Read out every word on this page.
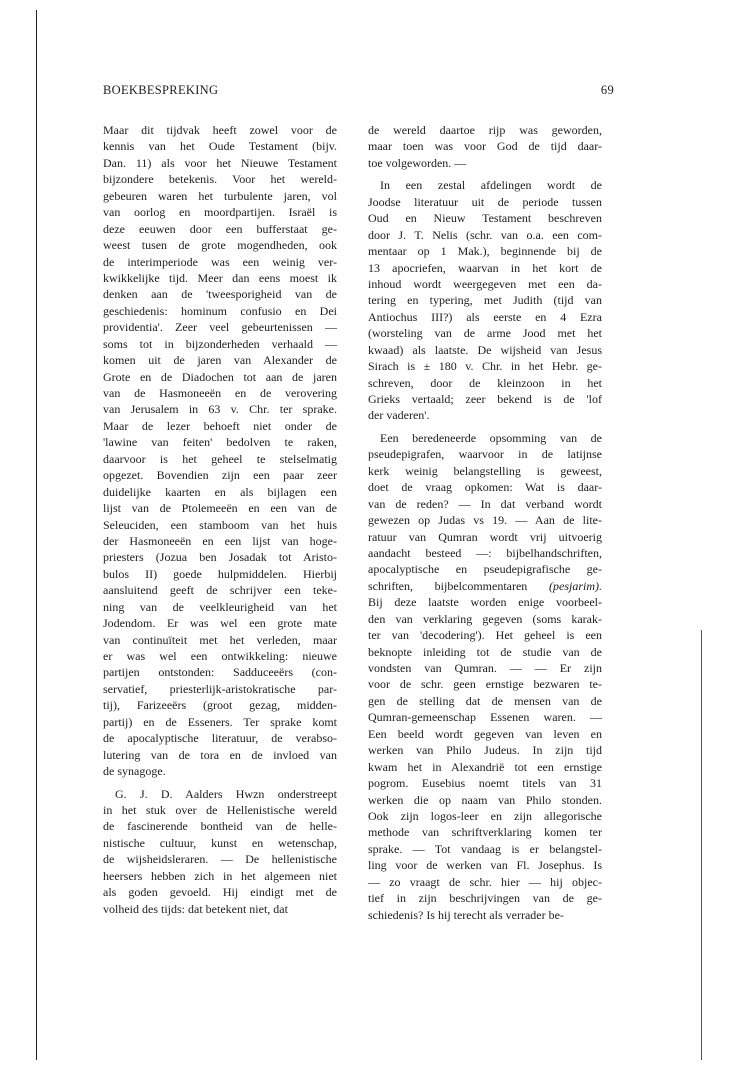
BOEKBESPREKING	69
Maar dit tijdvak heeft zowel voor de
kennis van het Oude Testament (bijv.
Dan. 11) als voor het Nieuwe Testament
bijzondere betekenis. Voor het wereld-
gebeuren waren het turbulente jaren, vol
van oorlog en moordpartijen. Israël is
deze eeuwen door een bufferstaat ge-
weest tusen de grote mogendheden, ook
de interimperiode was een weinig ver-
kwikkelijke tijd. Meer dan eens moest ik
denken aan de 'tweesporigheid van de
geschiedenis: hominum confusio en Dei
providentia'. Zeer veel gebeurtenissen —
soms tot in bijzonderheden verhaald —
komen uit de jaren van Alexander de
Grote en de Diadochen tot aan de jaren
van de Hasmoneeën en de verovering
van Jerusalem in 63 v. Chr. ter sprake.
Maar de lezer behoeft niet onder de
'lawine van feiten' bedolven te raken,
daarvoor is het geheel te stelselmatig
opgezet. Bovendien zijn een paar zeer
duidelijke kaarten en als bijlagen een
lijst van de Ptolemeeën en een van de
Seleuciden, een stamboom van het huis
der Hasmoneeën en een lijst van hoge-
priesters (Jozua ben Josadak tot Aristo-
bulos II) goede hulpmiddelen. Hierbij
aansluitend geeft de schrijver een teke-
ning van de veelkleurigheid van het
Jodendom. Er was wel een grote mate
van continuïteit met het verleden, maar
er was wel een ontwikkeling: nieuwe
partijen ontstonden: Sadduceeërs (con-
servatief, priesterlijk-aristokratische par-
tij), Farizeeërs (groot gezag, midden-
partij) en de Esseners. Ter sprake komt
de apocalyptische literatuur, de verabso-
lutering van de tora en de invloed van
de synagoge.
G. J. D. Aalders Hwzn onderstreept
in het stuk over de Hellenistische wereld
de fascinerende bontheid van de helle-
nistische cultuur, kunst en wetenschap,
de wijsheidsleraren. — De hellenistische
heersers hebben zich in het algemeen niet
als goden gevoeld. Hij eindigt met de
volheid des tijds: dat betekent niet, dat
de wereld daartoe rijp was geworden,
maar toen was voor God de tijd daar-
toe volgeworden. —
In een zestal afdelingen wordt de
Joodse literatuur uit de periode tussen
Oud en Nieuw Testament beschreven
door J. T. Nelis (schr. van o.a. een com-
mentaar op 1 Mak.), beginnende bij de
13 apocriefen, waarvan in het kort de
inhoud wordt weergegeven met een da-
tering en typering, met Judith (tijd van
Antiochus III?) als eerste en 4 Ezra
(worsteling van de arme Jood met het
kwaad) als laatste. De wijsheid van Jesus
Sirach is ± 180 v. Chr. in het Hebr. ge-
schreven, door de kleinzoon in het
Grieks vertaald; zeer bekend is de 'lof
der vaderen'.
Een beredeneerde opsomming van de
pseudepigrafen, waarvoor in de latijnse
kerk weinig belangstelling is geweest,
doet de vraag opkomen: Wat is daar-
van de reden? — In dat verband wordt
gewezen op Judas vs 19. — Aan de lite-
ratuur van Qumran wordt vrij uitvoerig
aandacht besteed —: bijbelhandschriften,
apocalyptische en pseudepigrafische ge-
schriften, bijbelcommentaren (pesjarim).
Bij deze laatste worden enige voorbeel-
den van verklaring gegeven (soms karak-
ter van 'decodering'). Het geheel is een
beknopte inleiding tot de studie van de
vondsten van Qumran. — — Er zijn
voor de schr. geen ernstige bezwaren te-
gen de stelling dat de mensen van de
Qumran-gemeenschap Essenen waren. —
Een beeld wordt gegeven van leven en
werken van Philo Judeus. In zijn tijd
kwam het in Alexandrië tot een ernstige
pogrom. Eusebius noemt titels van 31
werken die op naam van Philo stonden.
Ook zijn logos-leer en zijn allegorische
methode van schriftverklaring komen ter
sprake. — Tot vandaag is er belangstel-
ling voor de werken van Fl. Josephus. Is
— zo vraagt de schr. hier — hij objec-
tief in zijn beschrijvingen van de ge-
schiedenis? Is hij terecht als verrader be-
